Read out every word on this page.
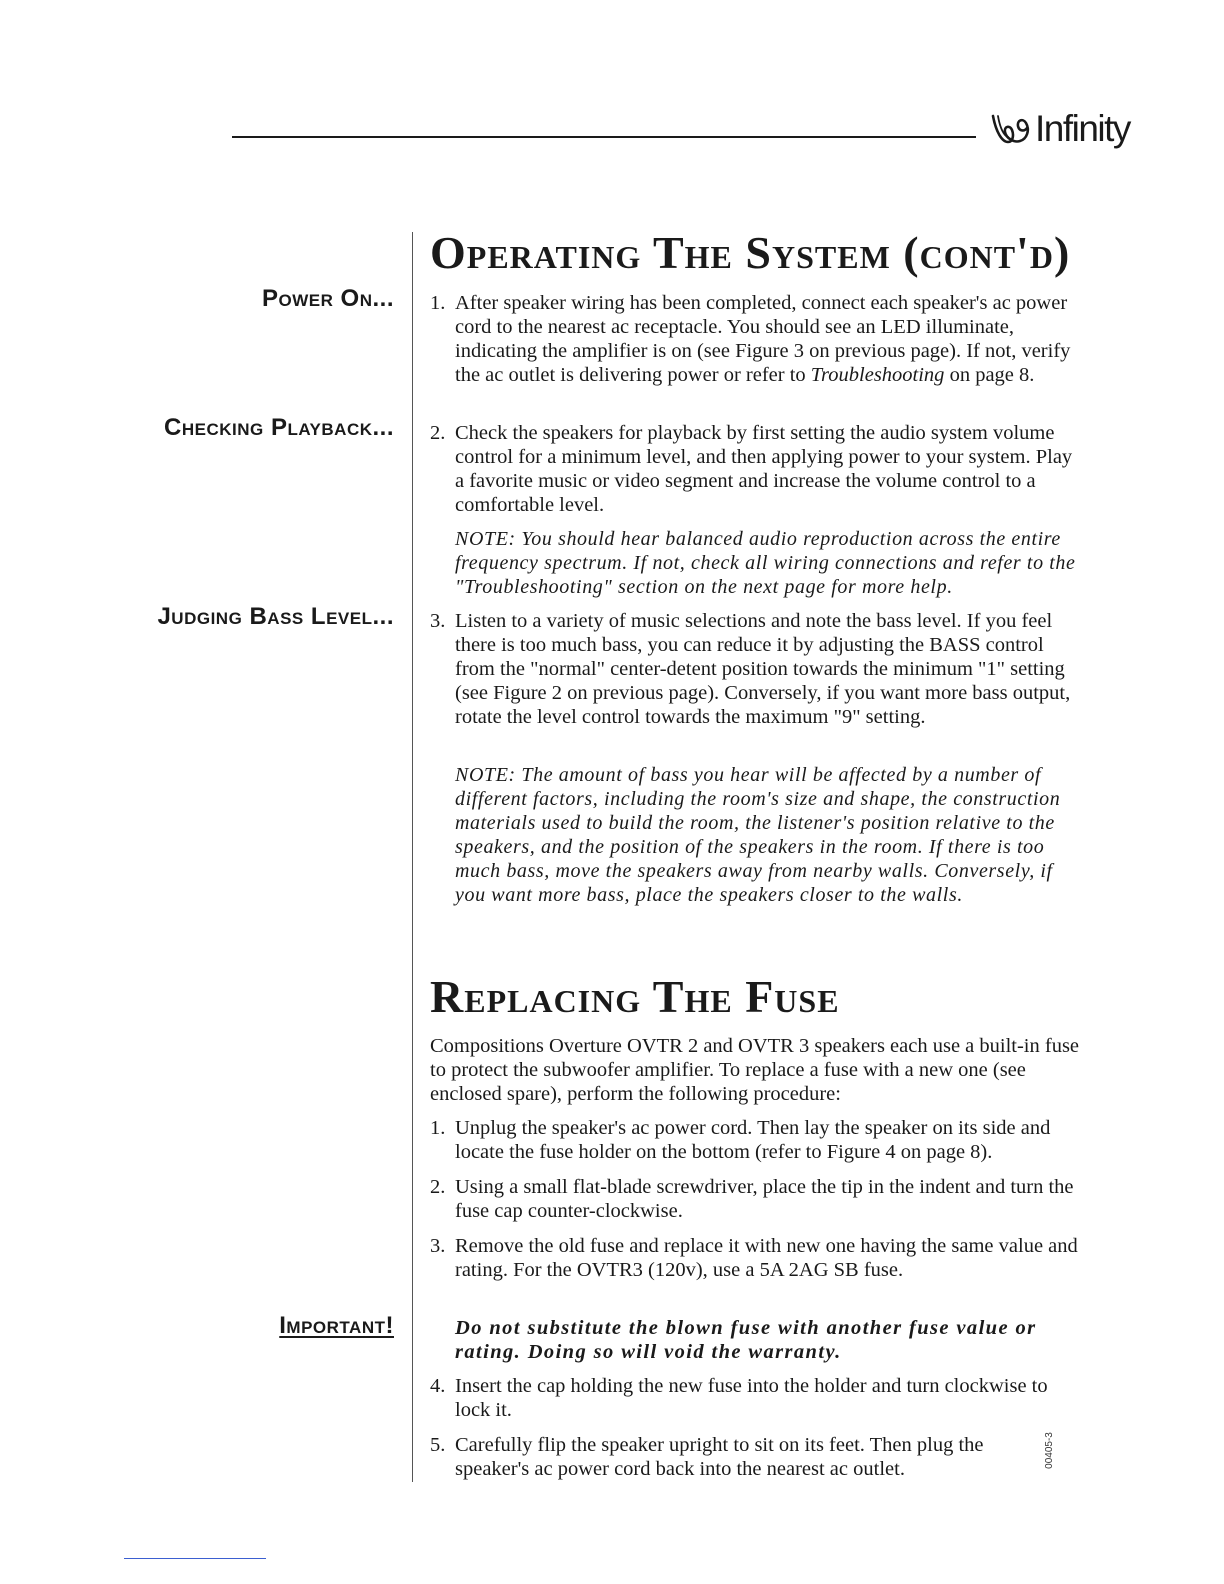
Infinity
Power On...
Checking Playback...
Judging Bass Level...
Important!
Operating The System (cont'd)
1. After speaker wiring has been completed, connect each speaker's ac power cord to the nearest ac receptacle. You should see an LED illuminate, indicating the amplifier is on (see Figure 3 on previous page). If not, verify the ac outlet is delivering power or refer to Troubleshooting on page 8.
2. Check the speakers for playback by first setting the audio system volume control for a minimum level, and then applying power to your system. Play a favorite music or video segment and increase the volume control to a comfortable level.
NOTE: You should hear balanced audio reproduction across the entire frequency spectrum. If not, check all wiring connections and refer to the "Troubleshooting" section on the next page for more help.
3. Listen to a variety of music selections and note the bass level. If you feel there is too much bass, you can reduce it by adjusting the BASS control from the "normal" center-detent position towards the minimum "1" setting (see Figure 2 on previous page). Conversely, if you want more bass output, rotate the level control towards the maximum "9" setting.
NOTE: The amount of bass you hear will be affected by a number of different factors, including the room's size and shape, the construction materials used to build the room, the listener's position relative to the speakers, and the position of the speakers in the room. If there is too much bass, move the speakers away from nearby walls. Conversely, if you want more bass, place the speakers closer to the walls.
Replacing The Fuse

Compositions Overture OVTR 2 and OVTR 3 speakers each use a built-in fuse to protect the subwoofer amplifier. To replace a fuse with a new one (see enclosed spare), perform the following procedure:

1. Unplug the speaker's ac power cord. Then lay the speaker on its side and locate the fuse holder on the bottom (refer to Figure 4 on page 8).
2. Using a small flat-blade screwdriver, place the tip in the indent and turn the fuse cap counter-clockwise.
3. Remove the old fuse and replace it with new one having the same value and rating. For the OVTR3 (120v), use a 5A 2AG SB fuse.
Do not substitute the blown fuse with another fuse value or rating. Doing so will void the warranty.
4. Insert the cap holding the new fuse into the holder and turn clockwise to lock it.
5. Carefully flip the speaker upright to sit on its feet. Then plug the speaker's ac power cord back into the nearest ac outlet.
00405-3
